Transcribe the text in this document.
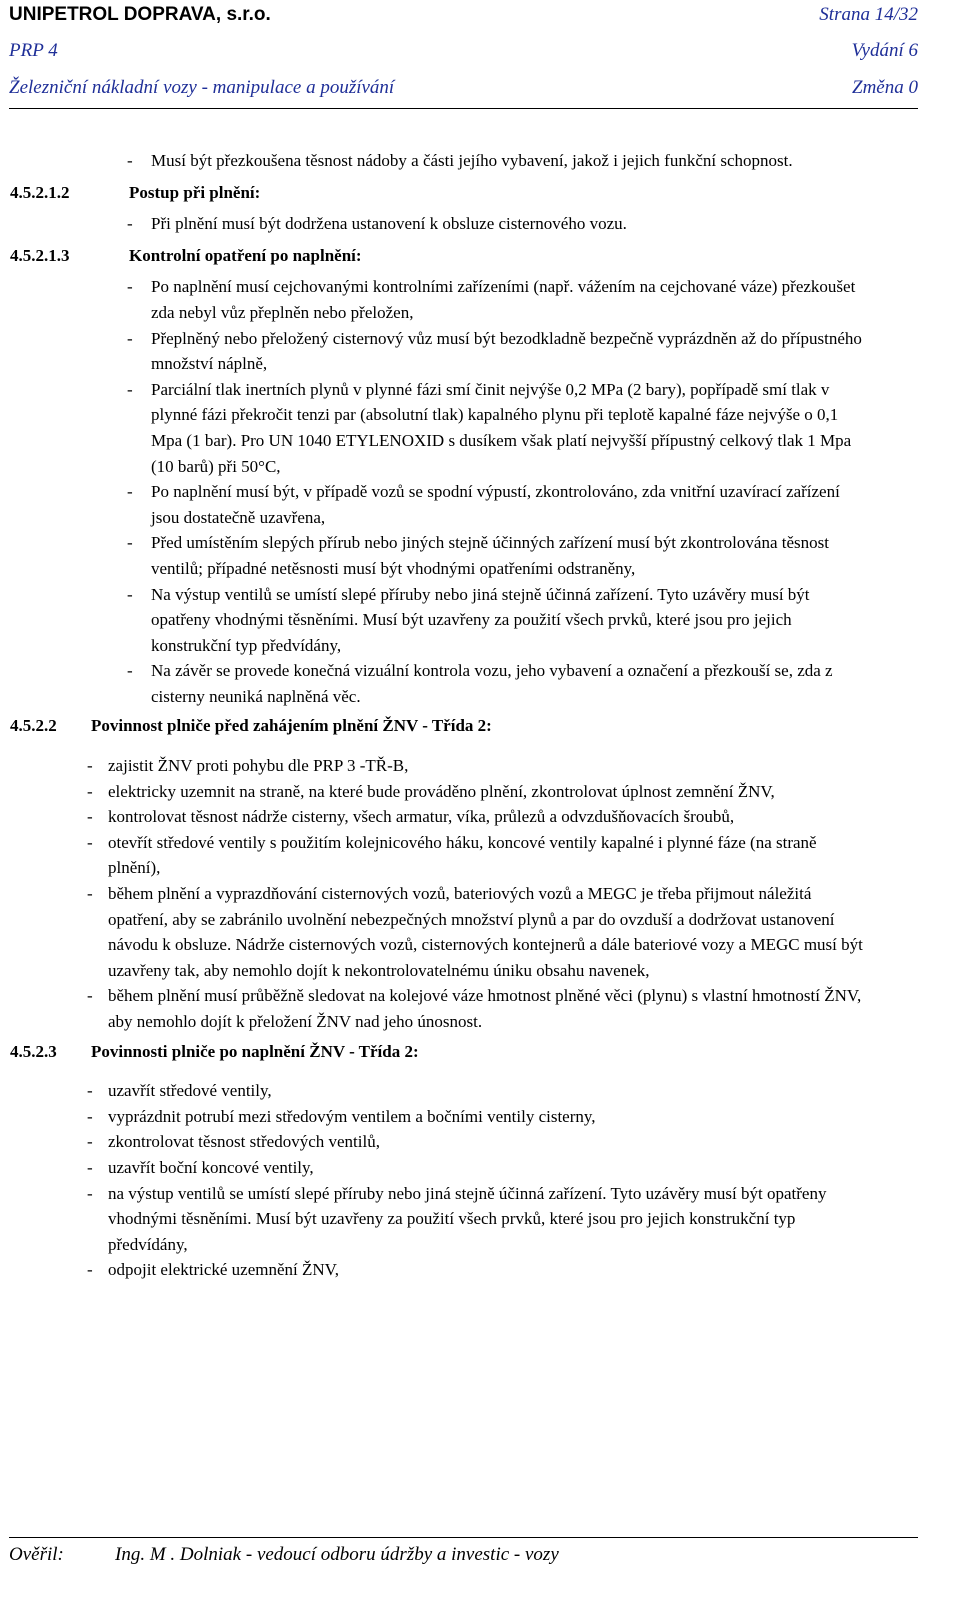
UNIPETROL DOPRAVA, s.r.o.	Strana 14/32
PRP 4	Vydání 6
Železniční nákladní vozy - manipulace a používání	Změna 0

- Musí být přezkoušena těsnost nádoby a části jejího vybavení, jakož i jejich funkční schopnost.

4.5.2.1.2	Postup při plnění:

- Při plnění musí být dodržena ustanovení k obsluze cisternového vozu.

4.5.2.1.3	Kontrolní opatření po naplnění:

- Po naplnění musí cejchovanými kontrolními zařízeními (např. vážením na cejchované váze) přezkoušet zda nebyl vůz přeplněn nebo přeložen,

- Přeplněný nebo přeložený cisternový vůz musí být bezodkladně bezpečně vyprázdněn až do přípustného množství náplně,

- Parciální tlak inertních plynů v plynné fázi smí činit nejvýše 0,2 MPa (2 bary), popřípadě smí tlak v plynné fázi překročit tenzi par (absolutní tlak) kapalného plynu při teplotě kapalné fáze nejvýše o 0,1 Mpa (1 bar). Pro UN 1040 ETYLENOXID s dusíkem však platí nejvyšší přípustný celkový tlak 1 Mpa (10 barů) při 50°C,

- Po naplnění musí být, v případě vozů se spodní výpustí, zkontrolováno, zda vnitřní uzavírací zařízení jsou dostatečně uzavřena,

- Před umístěním slepých přírub nebo jiných stejně účinných zařízení musí být zkontrolována těsnost ventilů; případné netěsnosti musí být vhodnými opatřeními odstraněny,

- Na výstup ventilů se umístí slepé příruby nebo jiná stejně účinná zařízení. Tyto uzávěry musí být opatřeny vhodnými těsněními. Musí být uzavřeny za použití všech prvků, které jsou pro jejich konstrukční typ předvídány,

- Na závěr se provede konečná vizuální kontrola vozu, jeho vybavení a označení a přezkouší se, zda z cisterny neuniká naplněná věc.

4.5.2.2 Povinnost plniče před zahájením plnění ŽNV - Třída 2:

- zajistit ŽNV proti pohybu dle PRP 3 -TŘ-B,

- elektricky uzemnit na straně, na které bude prováděno plnění, zkontrolovat úplnost zemnění ŽNV,

- kontrolovat těsnost nádrže cisterny, všech armatur, víka, průlezů a odvzdušňovacích šroubů,

- otevřít středové ventily s použitím kolejnicového háku, koncové ventily kapalné i plynné fáze (na straně plnění),

- během plnění a vyprazdňování cisternových vozů, bateriových vozů a MEGC je třeba přijmout náležitá opatření, aby se zabránilo uvolnění nebezpečných množství plynů a par do ovzduší a dodržovat ustanovení návodu k obsluze. Nádrže cisternových vozů, cisternových kontejnerů a dále bateriové vozy a MEGC musí být uzavřeny tak, aby nemohlo dojít k nekontrolovatelnému úniku obsahu navenek,

- během plnění musí průběžně sledovat na kolejové váze hmotnost plněné věci (plynu) s vlastní hmotností ŽNV, aby nemohlo dojít k přeložení ŽNV nad jeho únosnost.

4.5.2.3 Povinnosti plniče po naplnění ŽNV - Třída 2:

- uzavřít středové ventily,

- vyprázdnit potrubí mezi středovým ventilem a bočními ventily cisterny,

- zkontrolovat těsnost středových ventilů,

- uzavřít boční koncové ventily,

- na výstup ventilů se umístí slepé příruby nebo jiná stejně účinná zařízení. Tyto uzávěry musí být opatřeny vhodnými těsněními. Musí být uzavřeny za použití všech prvků, které jsou pro jejich konstrukční typ předvídány,

- odpojit elektrické uzemnění ŽNV,

Ověřil:	Ing. M . Dolniak - vedoucí odboru údržby a investic - vozy
